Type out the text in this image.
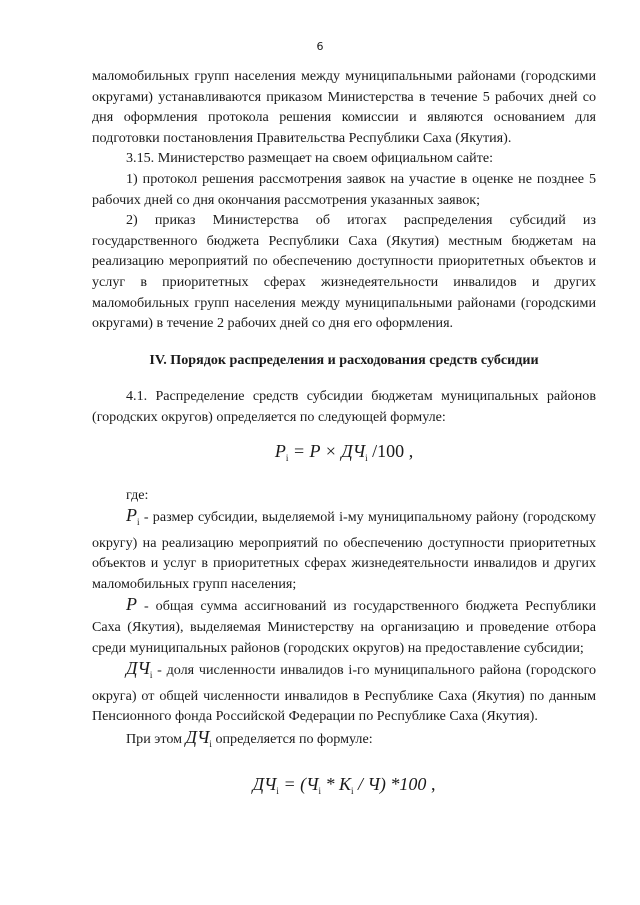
6

маломобильных групп населения между муниципальными районами (городскими округами) устанавливаются приказом Министерства в течение 5 рабочих дней со дня оформления протокола решения комиссии и являются основанием для подготовки постановления Правительства Республики Саха (Якутия).

3.15. Министерство размещает на своем официальном сайте:

1) протокол решения рассмотрения заявок на участие в оценке не позднее 5 рабочих дней со дня окончания рассмотрения указанных заявок;

2) приказ Министерства об итогах распределения субсидий из государственного бюджета Республики Саха (Якутия) местным бюджетам на реализацию мероприятий по обеспечению доступности приоритетных объектов и услуг в приоритетных сферах жизнедеятельности инвалидов и других маломобильных групп населения между муниципальными районами (городскими округами) в течение 2 рабочих дней со дня его оформления.

IV. Порядок распределения и расходования средств субсидии

4.1. Распределение средств субсидии бюджетам муниципальных районов (городских округов) определяется по следующей формуле:

$P_i = P \times ДЧ_i$ /100 ,

где:

$P_i$ - размер субсидии, выделяемой i-му муниципальному району (городскому округу) на реализацию мероприятий по обеспечению доступности приоритетных объектов и услуг в приоритетных сферах жизнедеятельности инвалидов и других маломобильных групп населения;

P - общая сумма ассигнований из государственного бюджета Республики Саха (Якутия), выделяемая Министерству на организацию и проведение отбора среди муниципальных районов (городских округов) на предоставление субсидии;

$ДЧ_i$ - доля численности инвалидов i-го муниципального района (городского округа) от общей численности инвалидов в Республике Саха (Якутия) по данным Пенсионного фонда Российской Федерации по Республике Саха (Якутия).

При этом $ДЧ_i$ определяется по формуле:

$ДЧ_i = (Ч_i * K_i / Ч)$ *100 ,
